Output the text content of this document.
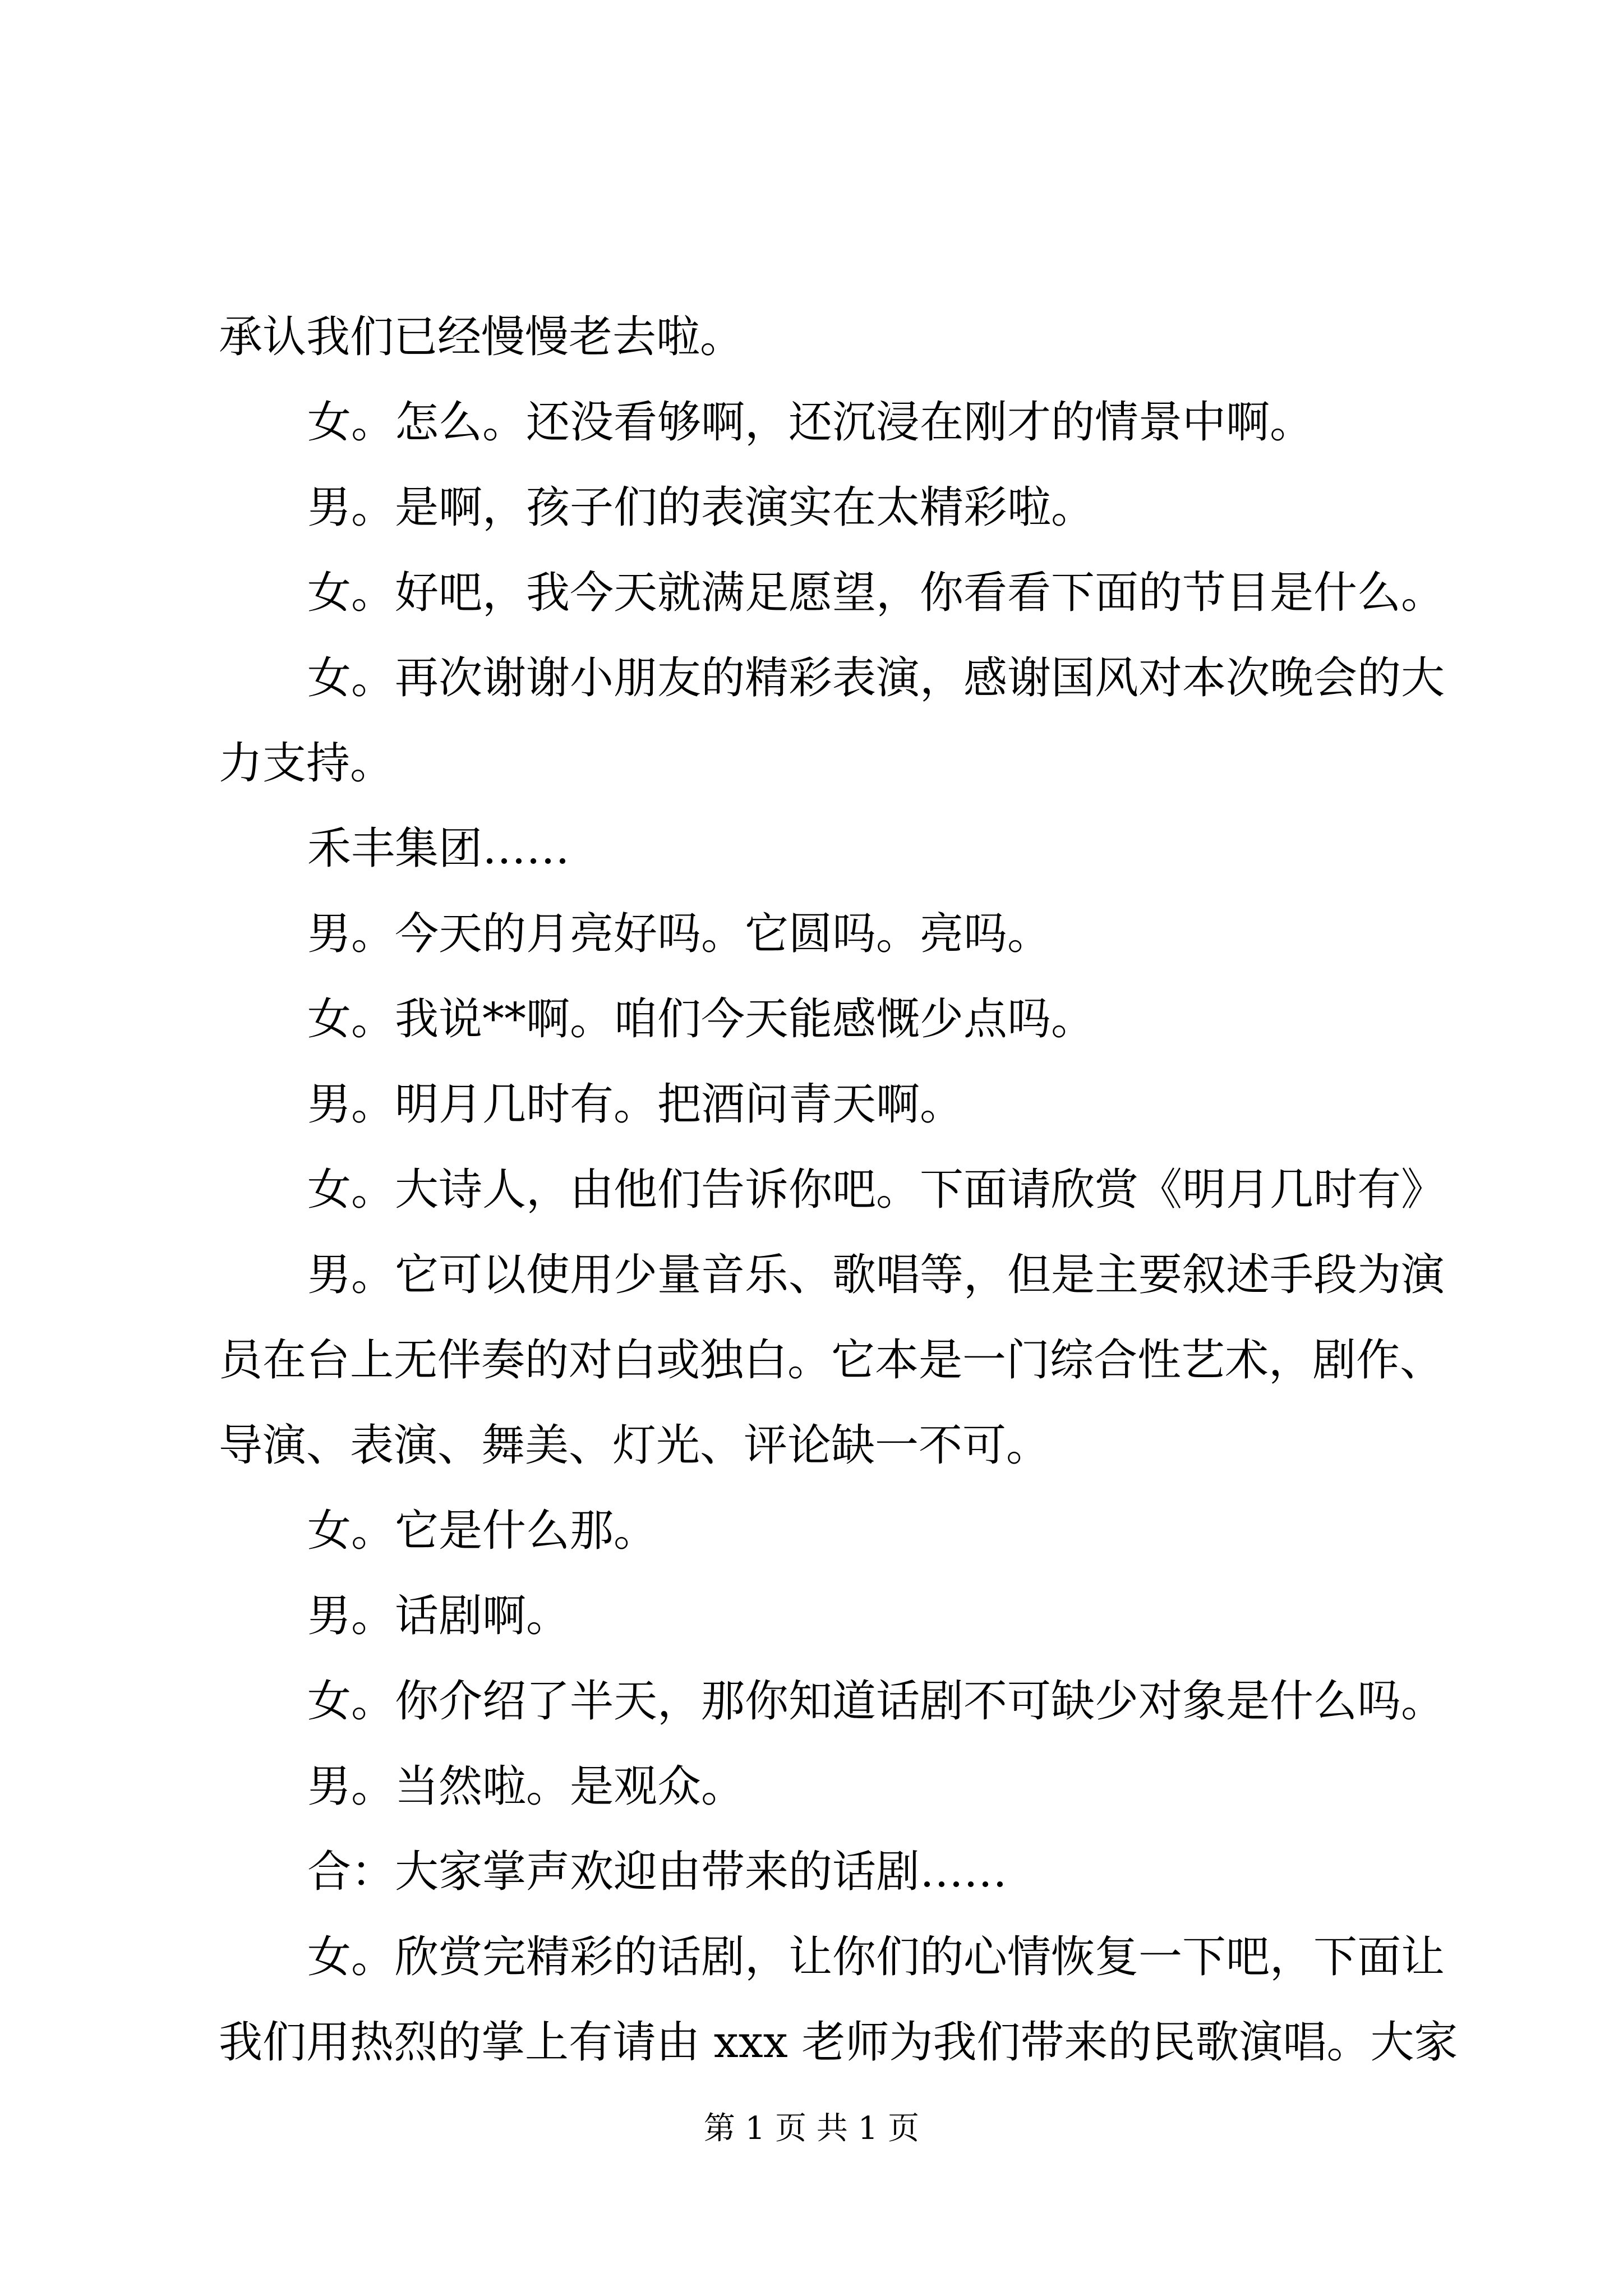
承认我们已经慢慢老去啦。
女。怎么。还没看够啊，还沉浸在刚才的情景中啊。
男。是啊，孩子们的表演实在太精彩啦。
女。好吧，我今天就满足愿望，你看看下面的节目是什么。
女。再次谢谢小朋友的精彩表演，感谢国风对本次晚会的大
力支持。
禾丰集团……
男。今天的月亮好吗。它圆吗。亮吗。
女。我说**啊。咱们今天能感慨少点吗。
男。明月几时有。把酒问青天啊。
女。大诗人，由他们告诉你吧。下面请欣赏《明月几时有》
男。它可以使用少量音乐、歌唱等，但是主要叙述手段为演
员在台上无伴奏的对白或独白。它本是一门综合性艺术，剧作、
导演、表演、舞美、灯光、评论缺一不可。
女。它是什么那。
男。话剧啊。
女。你介绍了半天，那你知道话剧不可缺少对象是什么吗。
男。当然啦。是观众。
合：大家掌声欢迎由带来的话剧……
女。欣赏完精彩的话剧，让你们的心情恢复一下吧，下面让
我们用热烈的掌上有请由 xxx 老师为我们带来的民歌演唱。大家
第 1 页 共 1 页
